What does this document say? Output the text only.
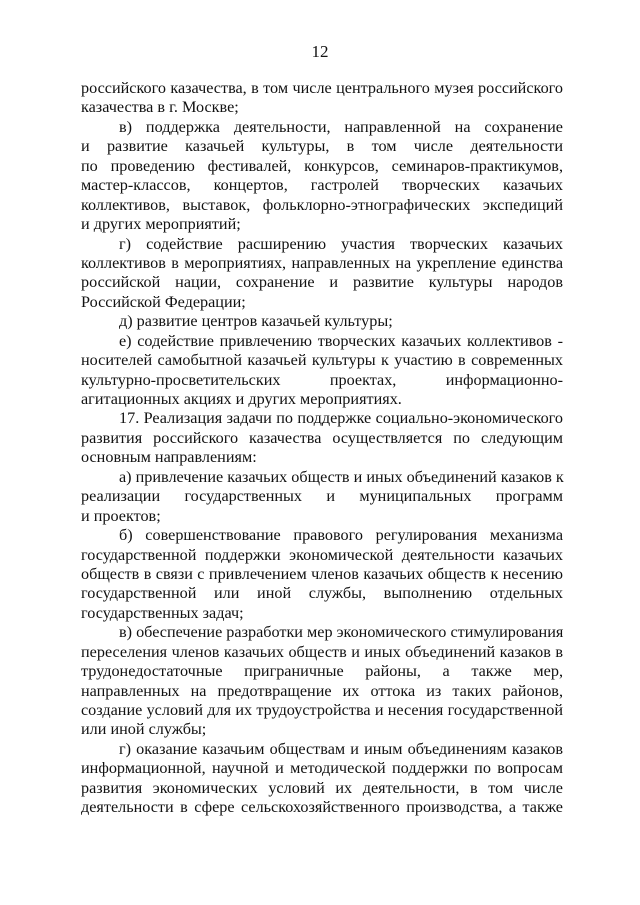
12
российского казачества, в том числе центрального музея российского
казачества в г. Москве;
в) поддержка деятельности, направленной на сохранение
и развитие казачьей культуры, в том числе деятельности
по проведению фестивалей, конкурсов, семинаров-практикумов,
мастер-классов, концертов, гастролей творческих казачьих
коллективов, выставок, фольклорно-этнографических экспедиций
и других мероприятий;
г) содействие расширению участия творческих казачьих
коллективов в мероприятиях, направленных на укрепление единства
российской нации, сохранение и развитие культуры народов
Российской Федерации;
д) развитие центров казачьей культуры;
е) содействие привлечению творческих казачьих коллективов -
носителей самобытной казачьей культуры к участию в современных
культурно-просветительских проектах, информационно-
агитационных акциях и других мероприятиях.
17. Реализация задачи по поддержке социально-экономического
развития российского казачества осуществляется по следующим
основным направлениям:
а) привлечение казачьих обществ и иных объединений казаков к
реализации государственных и муниципальных программ
и проектов;
б) совершенствование правового регулирования механизма
государственной поддержки экономической деятельности казачьих
обществ в связи с привлечением членов казачьих обществ к несению
государственной или иной службы, выполнению отдельных
государственных задач;
в) обеспечение разработки мер экономического стимулирования
переселения членов казачьих обществ и иных объединений казаков в
трудонедостаточные приграничные районы, а также мер,
направленных на предотвращение их оттока из таких районов,
создание условий для их трудоустройства и несения государственной
или иной службы;
г) оказание казачьим обществам и иным объединениям казаков
информационной, научной и методической поддержки по вопросам
развития экономических условий их деятельности, в том числе
деятельности в сфере сельскохозяйственного производства, а также
